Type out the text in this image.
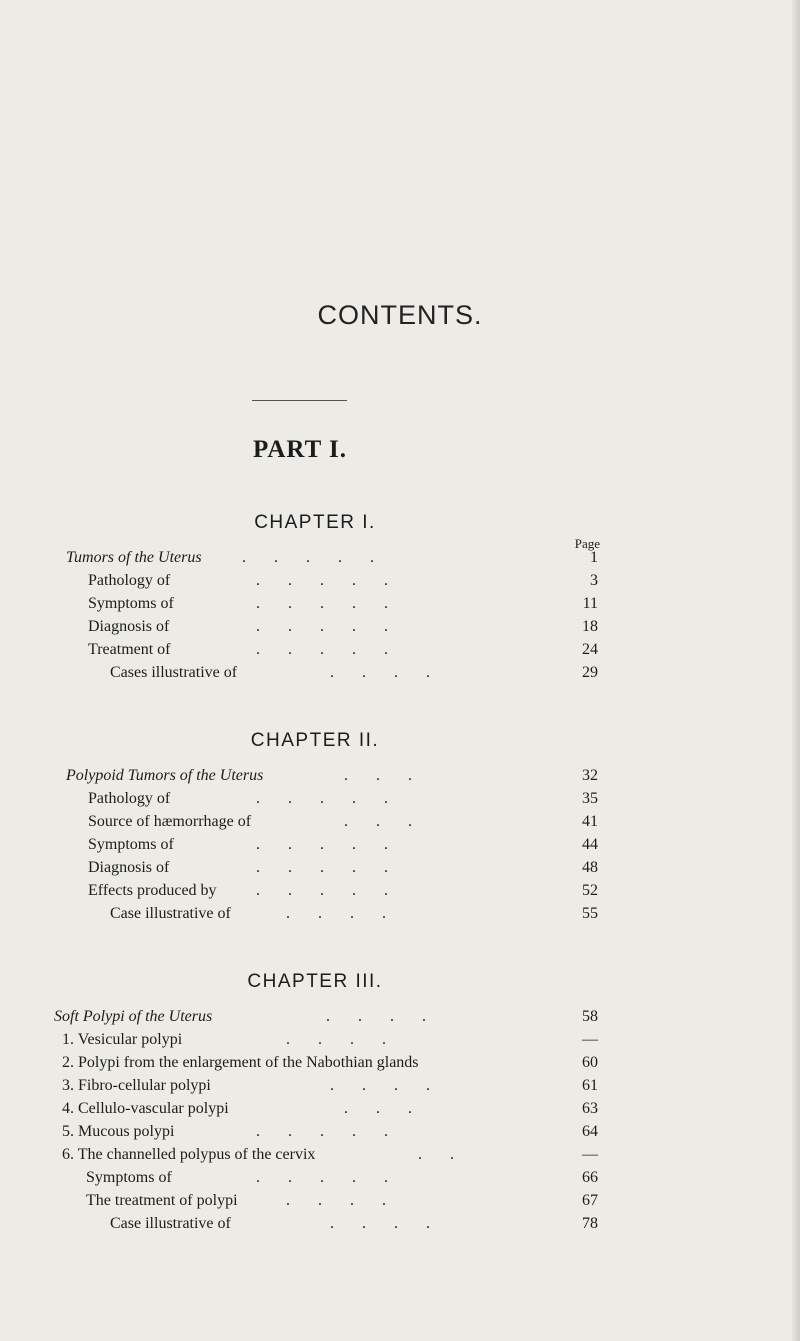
CONTENTS.
PART I.
CHAPTER I.
Page
Tumors of the Uterus	.       .       .       .       .	1
Pathology of	.       .       .       .       .	3
Symptoms of	.       .       .       .       .	11
Diagnosis of	.       .       .       .       .	18
Treatment of	.       .       .       .       .	24
Cases illustrative of	.       .       .       .	29
CHAPTER II.
Polypoid Tumors of the Uterus	.       .       .	32
Pathology of	.       .       .       .       .	35
Source of hæmorrhage of	.       .       .	41
Symptoms of	.       .       .       .       .	44
Diagnosis of	.       .       .       .       .	48
Effects produced by .       .       .       .       .	52
Case illustrative of	.       .       .       .	55
CHAPTER III.
Soft Polypi of the Uterus	.       .       .       .	58
1. Vesicular polypi	.       .       .       .	—
2. Polypi from the enlargement of the Nabothian glands	60
3. Fibro-cellular polypi	.       .       .       .	61
4. Cellulo-vascular polypi	.       .       .	63
5. Mucous polypi	.       .       .       .       .	64
6. The channelled polypus of the cervix	.       .	—
Symptoms of	.       .       .       .       .	66
The treatment of polypi	.       .       .       .	67
Case illustrative of	.       .       .       .	78
